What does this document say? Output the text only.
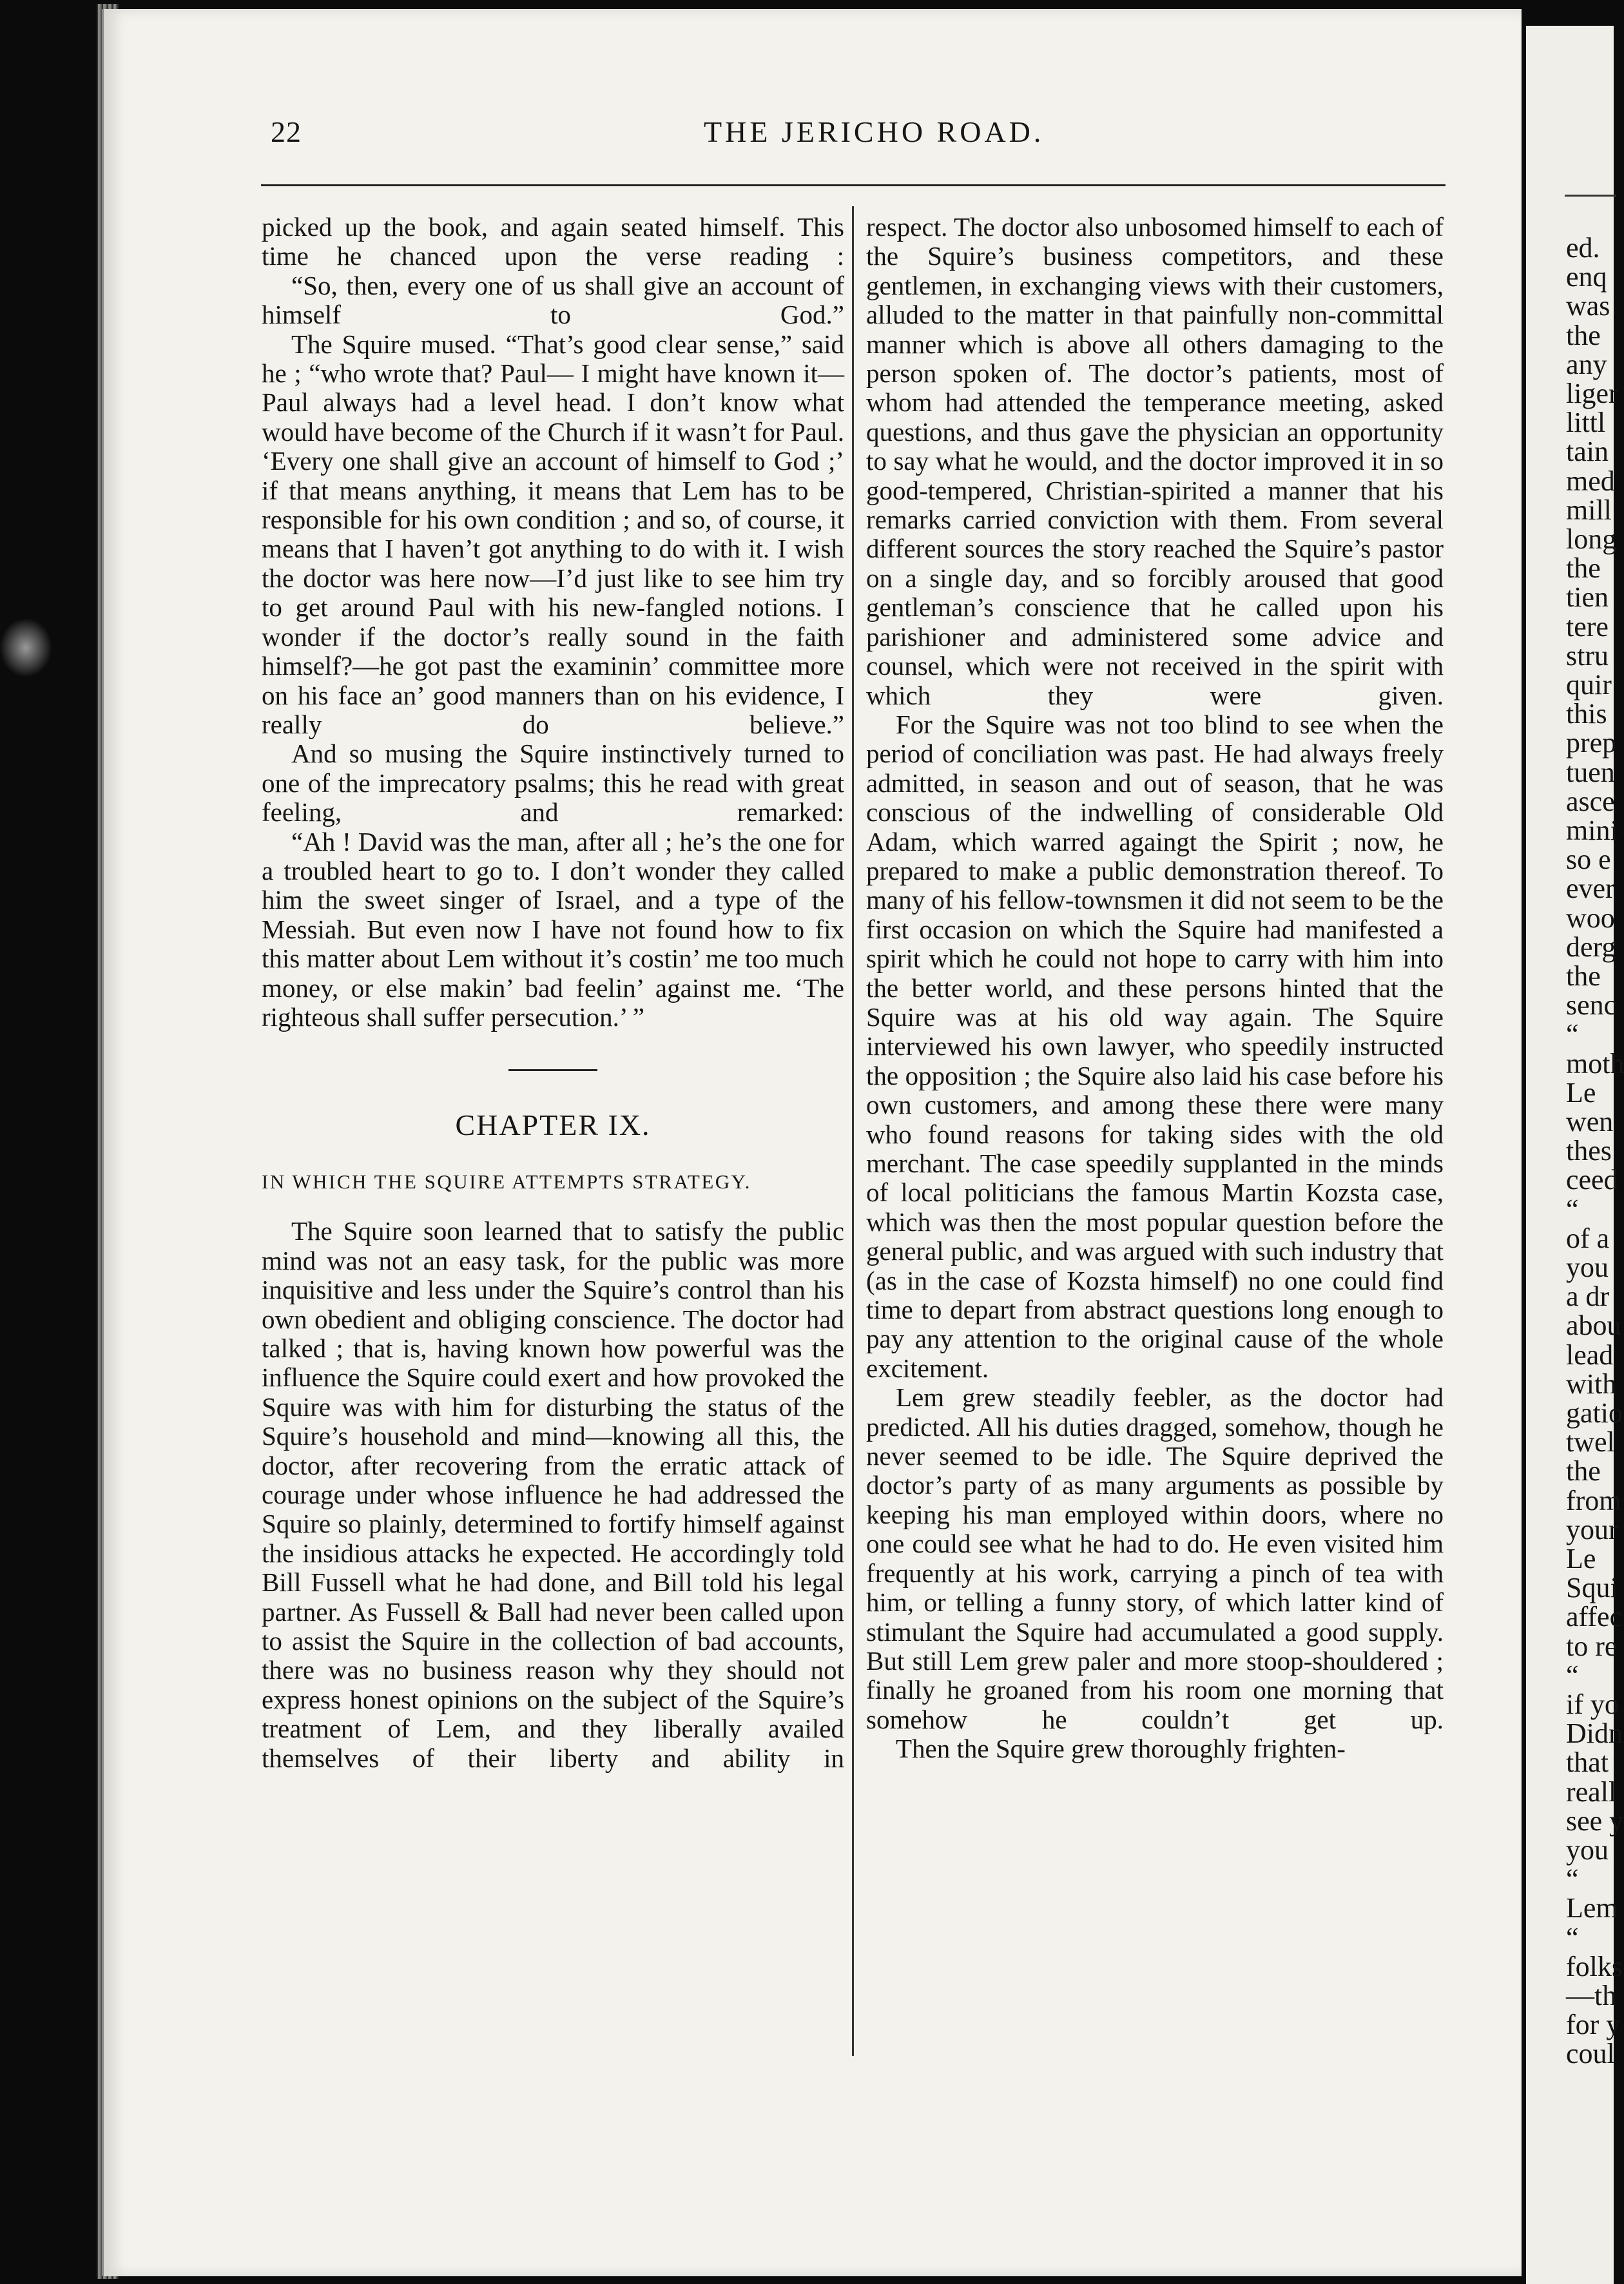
22	THE JERICHO ROAD.

picked up the book, and again seated himself. This time he chanced upon the verse reading :

“So, then, every one of us shall give an account of himself to God.”

The Squire mused. “That’s good clear sense,” said he ; “who wrote that? Paul— I might have known it—Paul always had a level head. I don’t know what would have become of the Church if it wasn’t for Paul. ‘Every one shall give an account of himself to God ;’ if that means anything, it means that Lem has to be responsible for his own condition ; and so, of course, it means that I haven’t got anything to do with it. I wish the doctor was here now—I’d just like to see him try to get around Paul with his new-fangled notions. I wonder if the doctor’s really sound in the faith himself?—he got past the examinin’ committee more on his face an’ good manners than on his evidence, I really do believe.”

And so musing the Squire instinctively turned to one of the imprecatory psalms; this he read with great feeling, and remarked:

“Ah ! David was the man, after all ; he’s the one for a troubled heart to go to. I don’t wonder they called him the sweet singer of Israel, and a type of the Messiah. But even now I have not found how to fix this matter about Lem without it’s costin’ me too much money, or else makin’ bad feelin’ against me. ‘The righteous shall suffer persecution.’ ”

CHAPTER IX.
IN WHICH THE SQUIRE ATTEMPTS STRATEGY.

The Squire soon learned that to satisfy the public mind was not an easy task, for the public was more inquisitive and less under the Squire’s control than his own obedient and obliging conscience. The doctor had talked ; that is, having known how powerful was the influence the Squire could exert and how provoked the Squire was with him for disturbing the status of the Squire’s household and mind—knowing all this, the doctor, after recovering from the erratic attack of courage under whose influence he had addressed the Squire so plainly, determined to fortify himself against the insidious attacks he expected. He accordingly told Bill Fussell what he had done, and Bill told his legal partner. As Fussell & Ball had never been called upon to assist the Squire in the collection of bad accounts, there was no business reason why they should not express honest opinions on the subject of the Squire’s treatment of Lem, and they liberally availed themselves of their liberty and ability in

respect. The doctor also unbosomed himself to each of the Squire’s business competitors, and these gentlemen, in exchanging views with their customers, alluded to the matter in that painfully non-committal manner which is above all others damaging to the person spoken of. The doctor’s patients, most of whom had attended the temperance meeting, asked questions, and thus gave the physician an opportunity to say what he would, and the doctor improved it in so good-tempered, Christian-spirited a manner that his remarks carried conviction with them. From several different sources the story reached the Squire’s pastor on a single day, and so forcibly aroused that good gentleman’s conscience that he called upon his parishioner and administered some advice and counsel, which were not received in the spirit with which they were given.

For the Squire was not too blind to see when the period of conciliation was past. He had always freely admitted, in season and out of season, that he was conscious of the indwelling of considerable Old Adam, which warred againgt the Spirit ; now, he prepared to make a public demonstration thereof. To many of his fellow-townsmen it did not seem to be the first occasion on which the Squire had manifested a spirit which he could not hope to carry with him into the better world, and these persons hinted that the Squire was at his old way again. The Squire interviewed his own lawyer, who speedily instructed the opposition ; the Squire also laid his case before his own customers, and among these there were many who found reasons for taking sides with the old merchant. The case speedily supplanted in the minds of local politicians the famous Martin Kozsta case, which was then the most popular question before the general public, and was argued with such industry that (as in the case of Kozsta himself) no one could find time to depart from abstract questions long enough to pay any attention to the original cause of the whole excitement.

Lem grew steadily feebler, as the doctor had predicted. All his duties dragged, somehow, though he never seemed to be idle. The Squire deprived the doctor’s party of as many arguments as possible by keeping his man employed within doors, where no one could see what he had to do. He even visited him frequently at his work, carrying a pinch of tea with him, or telling a funny story, of which latter kind of stimulant the Squire had accumulated a good supply. But still Lem grew paler and more stoop-shouldered ; finally he groaned from his room one morning that somehow he couldn’t get up.

Then the Squire grew thoroughly frighten-

ed.
enq
was
the
any
liger
littl
tain
med
mill
long
the
tien
tere
stru
quir
this
prep
tuen
asce
mini
so e
ever
woo
derg
the
senc
“
moth
Le
wen
thes
ceed
“
of a
you
a dr
abou
lead
with
gatio
twel
the
from
your
Le
Squi
affec
to re
“
if yo
Didn
that
reall
see y
you
“
Lem
“
folks
—th
for y
coul
